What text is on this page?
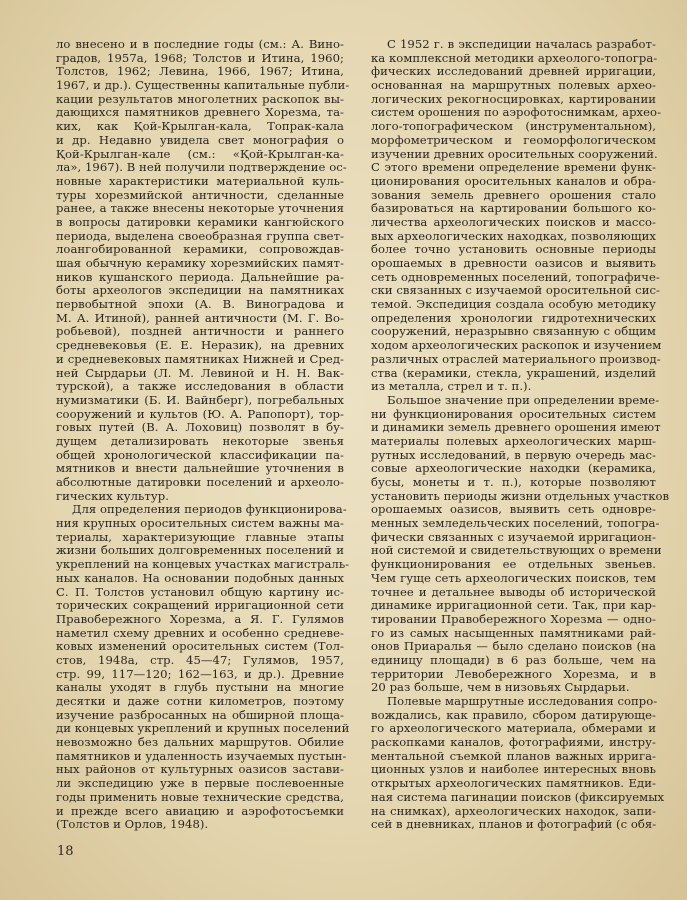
ло внесено и в последние годы (см.: А. Вино-
градов, 1957а, 1968; Толстов и Итина, 1960;
Толстов, 1962; Левина, 1966, 1967; Итина,
1967, и др.). Существенны капитальные публи-
кации результатов многолетних раскопок вы-
дающихся памятников древнего Хорезма, та-
ких, как Қой-Крылган-кала, Топрак-кала
и др. Недавно увидела свет монография о
Қой-Крылган-кале (см.: «Қой-Крылган-ка-
ла», 1967). В ней получили подтверждение ос-
новные характеристики материальной куль-
туры хорезмийской античности, сделанные
ранее, а также внесены некоторые уточнения
в вопросы датировки керамики кангюйского
периода, выделена своеобразная группа свет-
лоангобированной керамики, сопровождав-
шая обычную керамику хорезмийских памят-
ников кушанского периода. Дальнейшие ра-
боты археологов экспедиции на памятниках
первобытной эпохи (А. В. Виноградова и
М. А. Итиной), ранней античности (М. Г. Во-
робьевой), поздней античности и раннего
средневековья (Е. Е. Неразик), на древних
и средневековых памятниках Нижней и Сред-
ней Сырдарьи (Л. М. Левиной и Н. Н. Вак-
турской), а также исследования в области
нумизматики (Б. И. Вайнберг), погребальных
сооружений и культов (Ю. А. Рапопорт), тор-
говых путей (В. А. Лоховиц) позволят в бу-
дущем детализировать некоторые звенья
общей хронологической классификации па-
мятников и внести дальнейшие уточнения в
абсолютные датировки поселений и археоло-
гических культур.
Для определения периодов функционирова-
ния крупных оросительных систем важны ма-
териалы, характеризующие главные этапы
жизни больших долговременных поселений и
укреплений на концевых участках магистраль-
ных каналов. На основании подобных данных
С. П. Толстов установил общую картину ис-
торических сокращений ирригационной сети
Правобережного Хорезма, а Я. Г. Гулямов
наметил схему древних и особенно средневе-
ковых изменений оросительных систем (Тол-
стов, 1948а, стр. 45—47; Гулямов, 1957,
стр. 99, 117—120; 162—163, и др.). Древние
каналы уходят в глубь пустыни на многие
десятки и даже сотни километров, поэтому
изучение разбросанных на обширной площа-
ди концевых укреплений и крупных поселений
невозможно без дальних маршрутов. Обилие
памятников и удаленность изучаемых пустын-
ных районов от культурных оазисов застави-
ли экспедицию уже в первые послевоенные
годы применить новые технические средства,
и прежде всего авиацию и аэрофотосъемки
(Толстов и Орлов, 1948).
С 1952 г. в экспедиции началась разработ-
ка комплексной методики археолого-топогра-
фических исследований древней ирригации,
основанная на маршрутных полевых архео-
логических рекогносцировках, картировании
систем орошения по аэрофотоснимкам, архео-
лого-топографическом (инструментальном),
морфометрическом и геоморфологическом
изучении древних оросительных сооружений.
С этого времени определение времени функ-
ционирования оросительных каналов и обра-
зования земель древнего орошения стало
базироваться на картировании большого ко-
личества археологических поисков и массо-
вых археологических находках, позволяющих
более точно установить основные периоды
орошаемых в древности оазисов и выявить
сеть одновременных поселений, топографиче-
ски связанных с изучаемой оросительной сис-
темой. Экспедиция создала особую методику
определения хронологии гидротехнических
сооружений, неразрывно связанную с общим
ходом археологических раскопок и изучением
различных отраслей материального производ-
ства (керамики, стекла, украшений, изделий
из металла, стрел и т. п.).
Большое значение при определении време-
ни функционирования оросительных систем
и динамики земель древнего орошения имеют
материалы полевых археологических марш-
рутных исследований, в первую очередь мас-
совые археологические находки (керамика,
бусы, монеты и т. п.), которые позволяют
установить периоды жизни отдельных участков
орошаемых оазисов, выявить сеть одновре-
менных земледельческих поселений, топогра-
фически связанных с изучаемой ирригацион-
ной системой и свидетельствующих о времени
функционирования ее отдельных звеньев.
Чем гуще сеть археологических поисков, тем
точнее и детальнее выводы об исторической
динамике ирригационной сети. Так, при кар-
тировании Правобережного Хорезма — одно-
го из самых насыщенных памятниками рай-
онов Приаралья — было сделано поисков (на
единицу площади) в 6 раз больше, чем на
территории Левобережного Хорезма, и в
20 раз больше, чем в низовьях Сырдарьи.
Полевые маршрутные исследования сопро-
вождались, как правило, сбором датирующе-
го археологического материала, обмерами и
раскопками каналов, фотографиями, инстру-
ментальной съемкой планов важных ирригa-
ционных узлов и наиболее интересных вновь
открытых археологических памятников. Еди-
ная система пагинации поисков (фиксируемых
на снимках), археологических находок, запи-
сей в дневниках, планов и фотографий (с обя-
18
